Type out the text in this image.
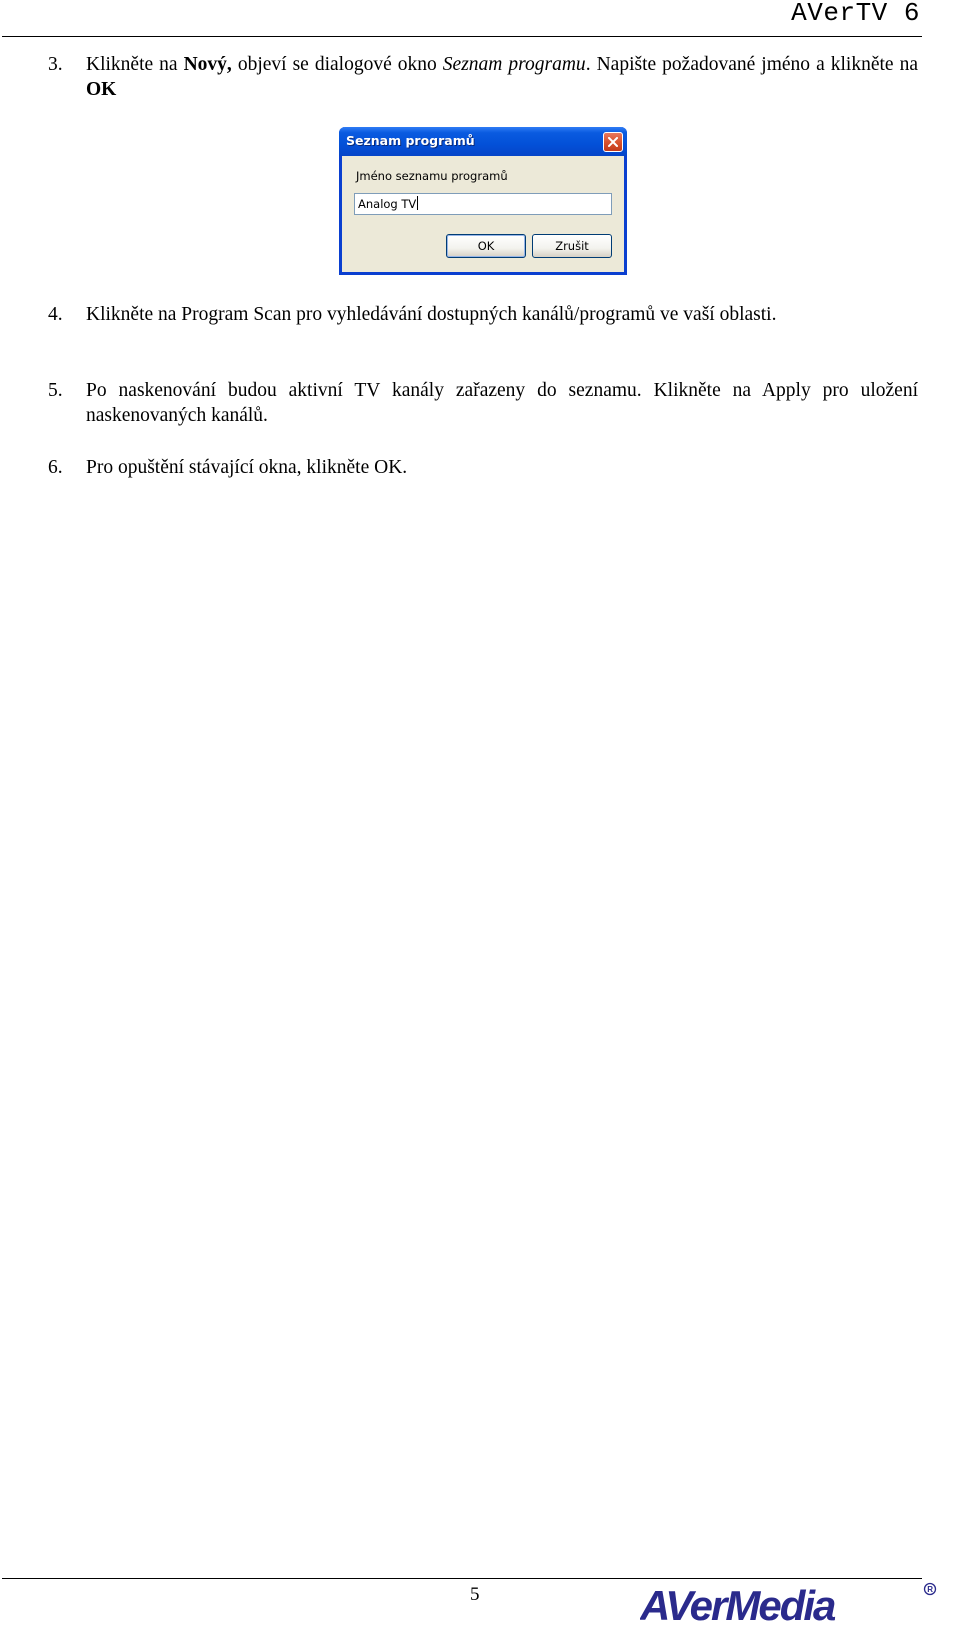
AVerTV 6
3. Klikněte na Nový, objeví se dialogové okno Seznam programu. Napište požadované jméno a klikněte na OK
Seznam programů
Jméno seznamu programů
Analog TV
OK	Zrušit
4. Klikněte na Program Scan pro vyhledávání dostupných kanálů/programů ve vaší oblasti.
5. Po naskenování budou aktivní TV kanály zařazeny do seznamu. Klikněte na Apply pro uložení naskenovaných kanálů.
6. Pro opuštění stávající okna, klikněte OK.
5	AVerMedia	R
